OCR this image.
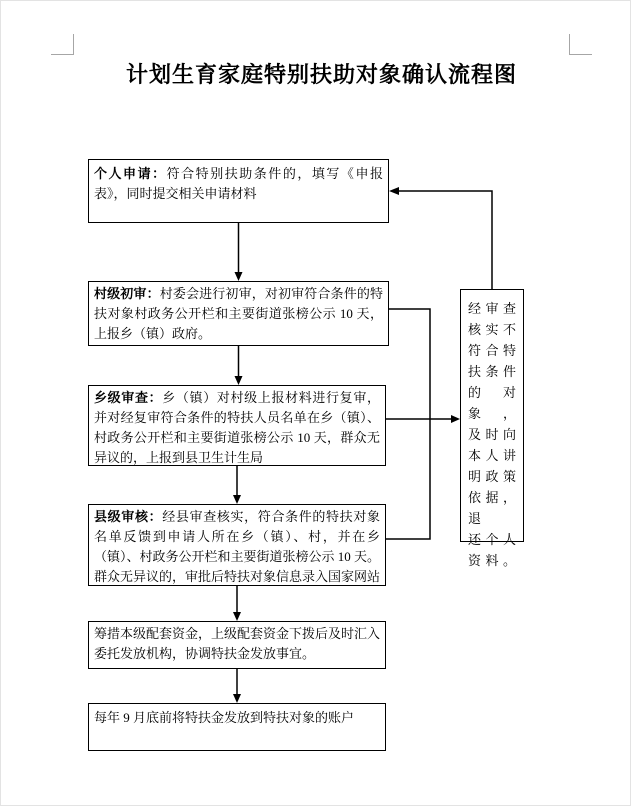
计划生育家庭特别扶助对象确认流程图
个人申请：符合特别扶助条件的，填写《申报表》，同时提交相关申请材料
村级初审：村委会进行初审，对初审符合条件的特扶对象村政务公开栏和主要街道张榜公示 10 天，上报乡（镇）政府。
乡级审查：乡（镇）对村级上报材料进行复审，并对经复审符合条件的特扶人员名单在乡（镇）、村政务公开栏和主要街道张榜公示 10 天，群众无异议的，上报到县卫生计生局
县级审核：经县审查核实，符合条件的特扶对象名单反馈到申请人所在乡（镇）、村，并在乡（镇）、村政务公开栏和主要街道张榜公示 10 天。群众无异议的，审批后特扶对象信息录入国家网站
筹措本级配套资金，上级配套资金下拨后及时汇入委托发放机构，协调特扶金发放事宜。
每年 9 月底前将特扶金发放到特扶对象的账户
经审查
核实不
符合特
扶条件
的对象，
及时向
本人讲
明政策
依据，退
还个人
资料。
